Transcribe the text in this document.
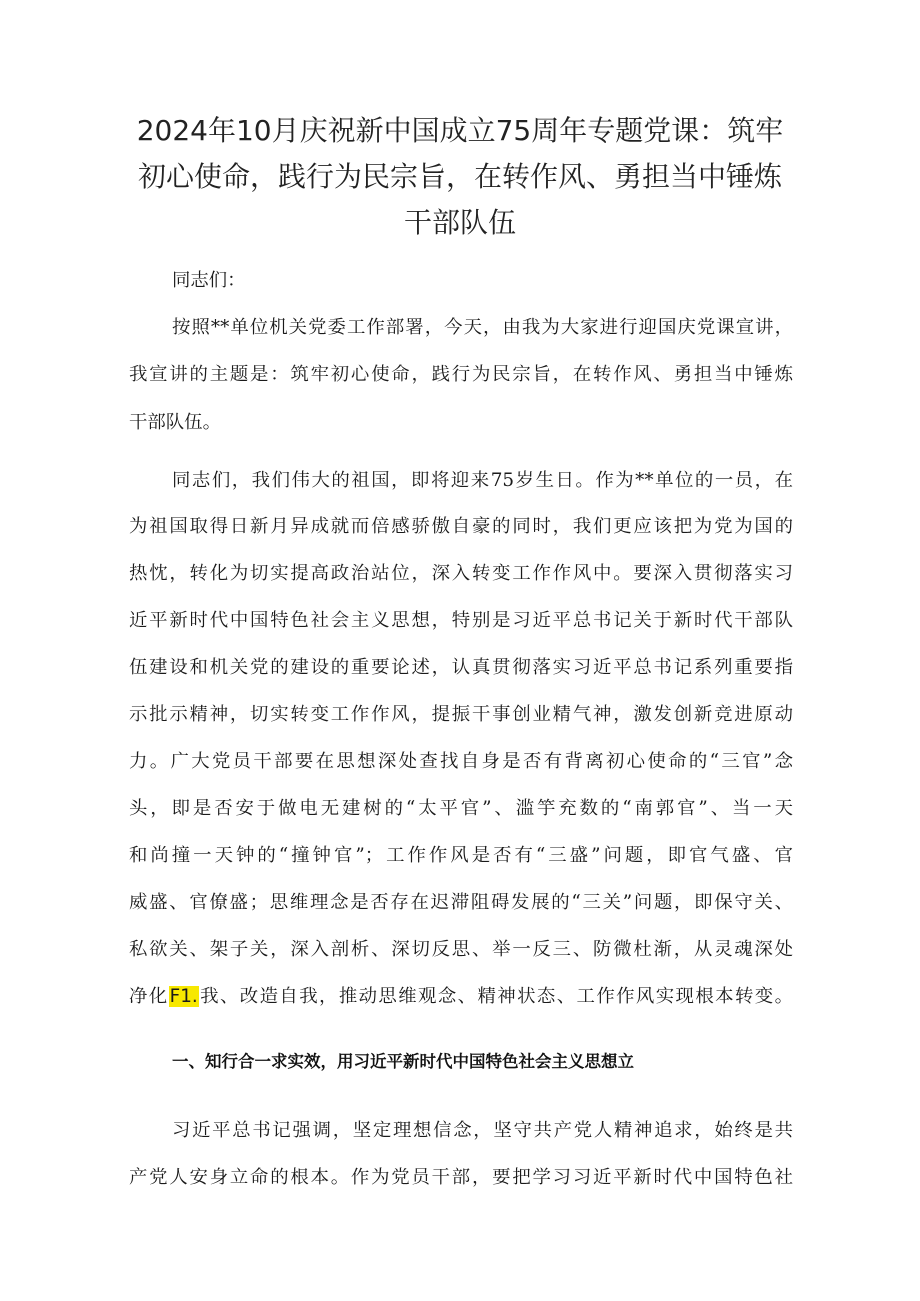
2024年10月庆祝新中国成立75周年专题党课：筑牢
初心使命，践行为民宗旨，在转作风、勇担当中锤炼
干部队伍
同志们：
按照**单位机关党委工作部署，今天，由我为大家进行迎国庆党课宣讲，
我宣讲的主题是：筑牢初心使命，践行为民宗旨，在转作风、勇担当中锤炼
干部队伍。
同志们，我们伟大的祖国，即将迎来75岁生日。作为**单位的一员，在
为祖国取得日新月异成就而倍感骄傲自豪的同时，我们更应该把为党为国的
热忱，转化为切实提高政治站位，深入转变工作作风中。要深入贯彻落实习
近平新时代中国特色社会主义思想，特别是习近平总书记关于新时代干部队
伍建设和机关党的建设的重要论述，认真贯彻落实习近平总书记系列重要指
示批示精神，切实转变工作作风，提振干事创业精气神，激发创新竞进原动
力。广大党员干部要在思想深处查找自身是否有背离初心使命的“三官”念
头，即是否安于做电无建树的“太平官”、滥竽充数的“南郭官”、当一天
和尚撞一天钟的“撞钟官”；工作作风是否有“三盛”问题，即官气盛、官
威盛、官僚盛；思维理念是否存在迟滞阻碍发展的“三关”问题，即保守关、
私欲关、架子关，深入剖析、深切反思、举一反三、防微杜渐，从灵魂深处
净化F1.我、改造自我，推动思维观念、精神状态、工作作风实现根本转变。
一、知行合一求实效，用习近平新时代中国特色社会主义思想立
习近平总书记强调，坚定理想信念，坚守共产党人精神追求，始终是共
产党人安身立命的根本。作为党员干部，要把学习习近平新时代中国特色社
